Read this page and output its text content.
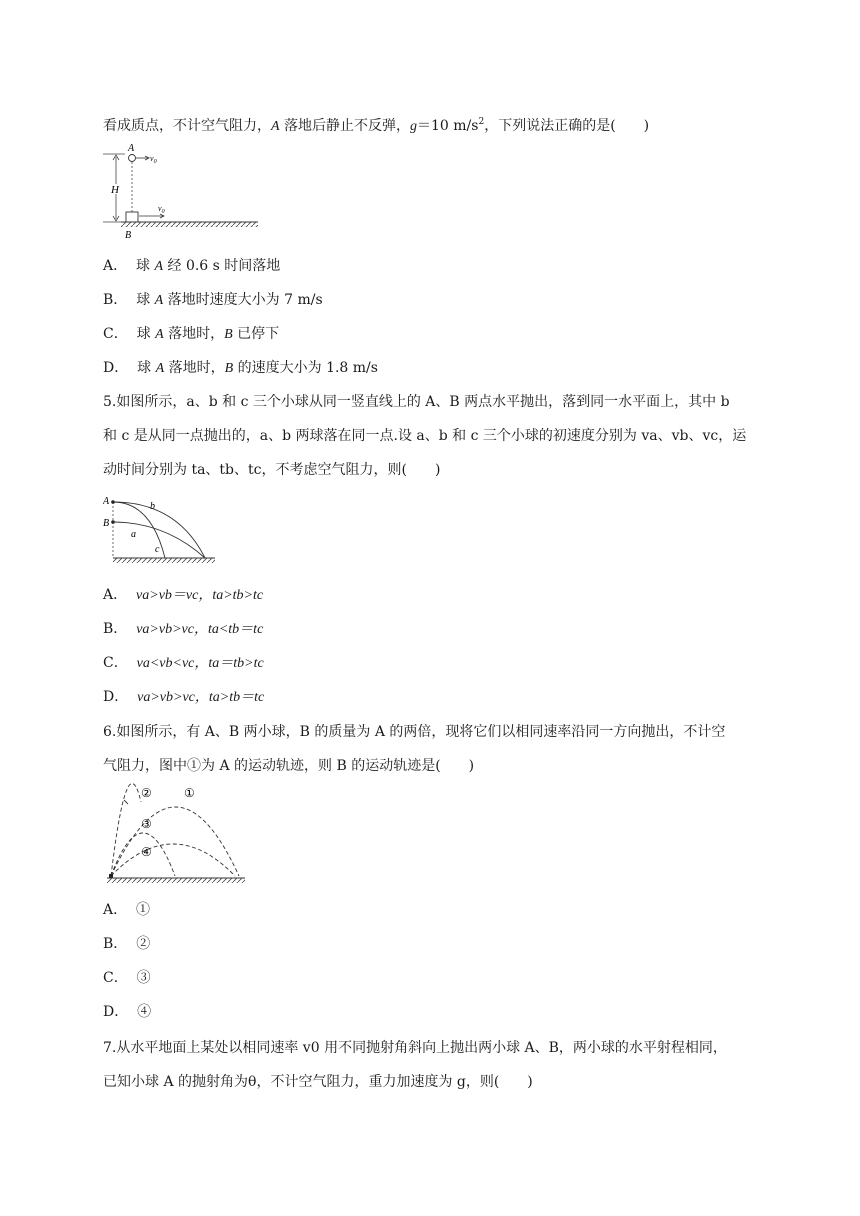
看成质点，不计空气阻力，A 落地后静止不反弹，g＝10 $m/s^2$，下列说法正确的是(　　)
H
A
$v_0$
$v_0$
B
A． 球 A 经 0.6 s 时间落地
B． 球 A 落地时速度大小为 7 m/s
C． 球 A 落地时，B 已停下
D． 球 A 落地时，B 的速度大小为 1.8 m/s
5.如图所示，a、b 和 c 三个小球从同一竖直线上的 A、B 两点水平抛出，落到同一水平面上，其中 b
和 c 是从同一点抛出的，a、b 两球落在同一点.设 a、b 和 c 三个小球的初速度分别为 va、vb、vc，运
动时间分别为 ta、tb、tc，不考虑空气阻力，则(　　)
A
B
b
a
c
A． va>vb＝vc，ta>tb>tc
B． va>vb>vc，ta<tb＝tc
C． va<vb<vc，ta＝tb>tc
D． va>vb>vc，ta>tb＝tc
6.如图所示，有 A、B 两小球，B 的质量为 A 的两倍，现将它们以相同速率沿同一方向抛出，不计空
气阻力，图中①为 A 的运动轨迹，则 B 的运动轨迹是(　　)
①
②
③
④
A． ①
B． ②
C． ③
D． ④
7.从水平地面上某处以相同速率 v0 用不同抛射角斜向上抛出两小球 A、B，两小球的水平射程相同，
已知小球 A 的抛射角为θ，不计空气阻力，重力加速度为 g，则(　　)
